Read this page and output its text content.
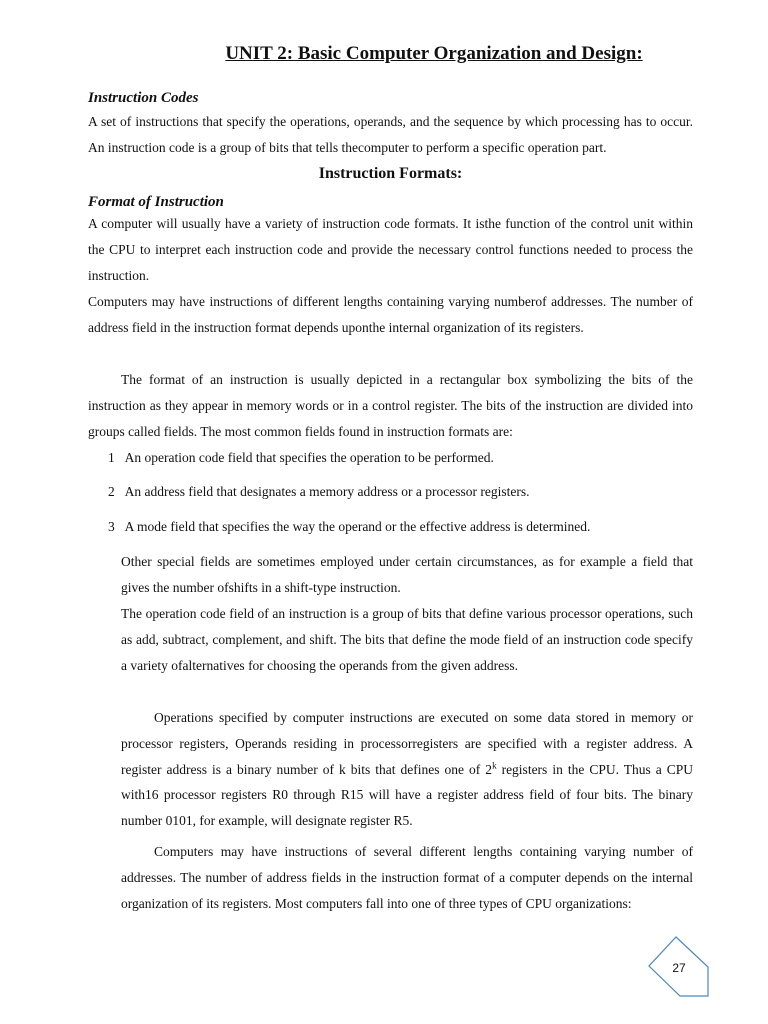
UNIT 2: Basic Computer Organization and Design:
Instruction Codes

A set of instructions that specify the operations, operands, and the sequence by which processing has to occur. An instruction code is a group of bits that tells thecomputer to perform a specific operation part.

Instruction Formats:
Format of Instruction

A computer will usually have a variety of instruction code formats. It isthe function of the control unit within the CPU to interpret each instruction code and provide the necessary control functions needed to process the instruction.

Computers may have instructions of different lengths containing varying numberof addresses. The number of address field in the instruction format depends uponthe internal organization of its registers.

The format of an instruction is usually depicted in a rectangular box symbolizing the bits of the instruction as they appear in memory words or in a control register. The bits of the instruction are divided into groups called fields. The most common fields found in instruction formats are:

1 An operation code field that specifies the operation to be performed.
2 An address field that designates a memory address or a processor registers.
3 A mode field that specifies the way the operand or the effective address is determined.

Other special fields are sometimes employed under certain circumstances, as for example a field that gives the number ofshifts in a shift-type instruction.

The operation code field of an instruction is a group of bits that define various processor operations, such as add, subtract, complement, and shift. The bits that define the mode field of an instruction code specify a variety ofalternatives for choosing the operands from the given address.

Operations specified by computer instructions are executed on some data stored in memory or processor registers, Operands residing in processorregisters are specified with a register address. A register address is a binary number of k bits that defines one of 2$^k$ registers in the CPU. Thus a CPU with16 processor registers R0 through R15 will have a register address field of four bits. The binary number 0101, for example, will designate register R5.

Computers may have instructions of several different lengths containing varying number of addresses. The number of address fields in the instruction format of a computer depends on the internal organization of its registers. Most computers fall into one of three types of CPU organizations:

27
